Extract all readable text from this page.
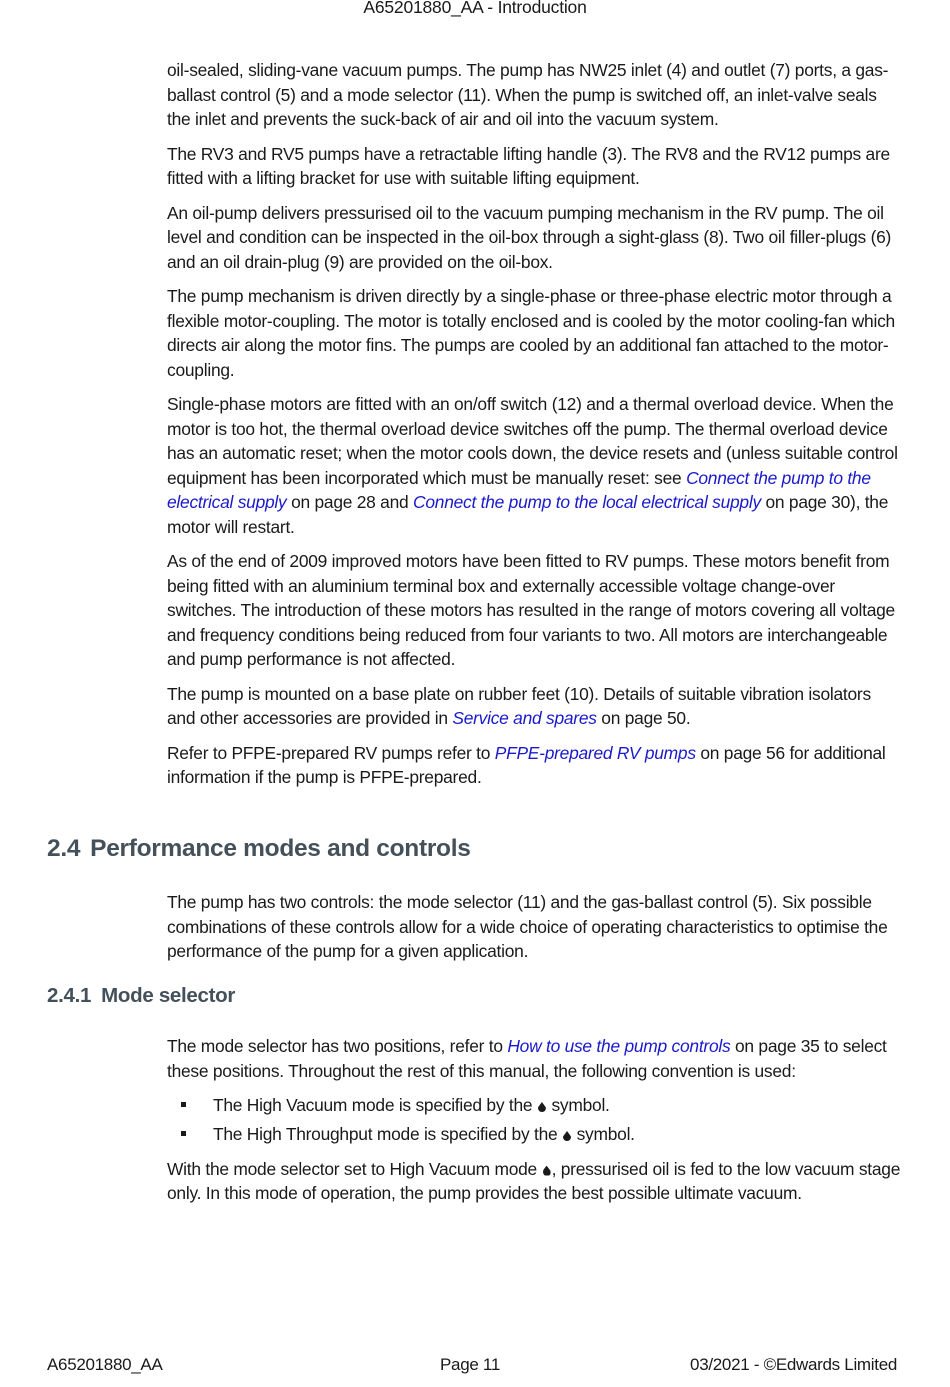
A65201880_AA - Introduction

oil-sealed, sliding-vane vacuum pumps. The pump has NW25 inlet (4) and outlet (7) ports, a gas-ballast control (5) and a mode selector (11). When the pump is switched off, an inlet-valve seals the inlet and prevents the suck-back of air and oil into the vacuum system.

The RV3 and RV5 pumps have a retractable lifting handle (3). The RV8 and the RV12 pumps are fitted with a lifting bracket for use with suitable lifting equipment.

An oil-pump delivers pressurised oil to the vacuum pumping mechanism in the RV pump. The oil level and condition can be inspected in the oil-box through a sight-glass (8). Two oil filler-plugs (6) and an oil drain-plug (9) are provided on the oil-box.

The pump mechanism is driven directly by a single-phase or three-phase electric motor through a flexible motor-coupling. The motor is totally enclosed and is cooled by the motor cooling-fan which directs air along the motor fins. The pumps are cooled by an additional fan attached to the motor-coupling.

Single-phase motors are fitted with an on/off switch (12) and a thermal overload device. When the motor is too hot, the thermal overload device switches off the pump. The thermal overload device has an automatic reset; when the motor cools down, the device resets and (unless suitable control equipment has been incorporated which must be manually reset: see Connect the pump to the electrical supply on page 28 and Connect the pump to the local electrical supply on page 30), the motor will restart.

As of the end of 2009 improved motors have been fitted to RV pumps. These motors benefit from being fitted with an aluminium terminal box and externally accessible voltage change-over switches. The introduction of these motors has resulted in the range of motors covering all voltage and frequency conditions being reduced from four variants to two. All motors are interchangeable and pump performance is not affected.

The pump is mounted on a base plate on rubber feet (10). Details of suitable vibration isolators and other accessories are provided in Service and spares on page 50.

Refer to PFPE-prepared RV pumps refer to PFPE-prepared RV pumps on page 56 for additional information if the pump is PFPE-prepared.

2.4 Performance modes and controls

The pump has two controls: the mode selector (11) and the gas-ballast control (5). Six possible combinations of these controls allow for a wide choice of operating characteristics to optimise the performance of the pump for a given application.

2.4.1 Mode selector

The mode selector has two positions, refer to How to use the pump controls on page 35 to select these positions. Throughout the rest of this manual, the following convention is used:

The High Vacuum mode is specified by the  symbol.
The High Throughput mode is specified by the  symbol.

With the mode selector set to High Vacuum mode , pressurised oil is fed to the low vacuum stage only. In this mode of operation, the pump provides the best possible ultimate vacuum.

A65201880_AA	Page 11	03/2021 - ©Edwards Limited
